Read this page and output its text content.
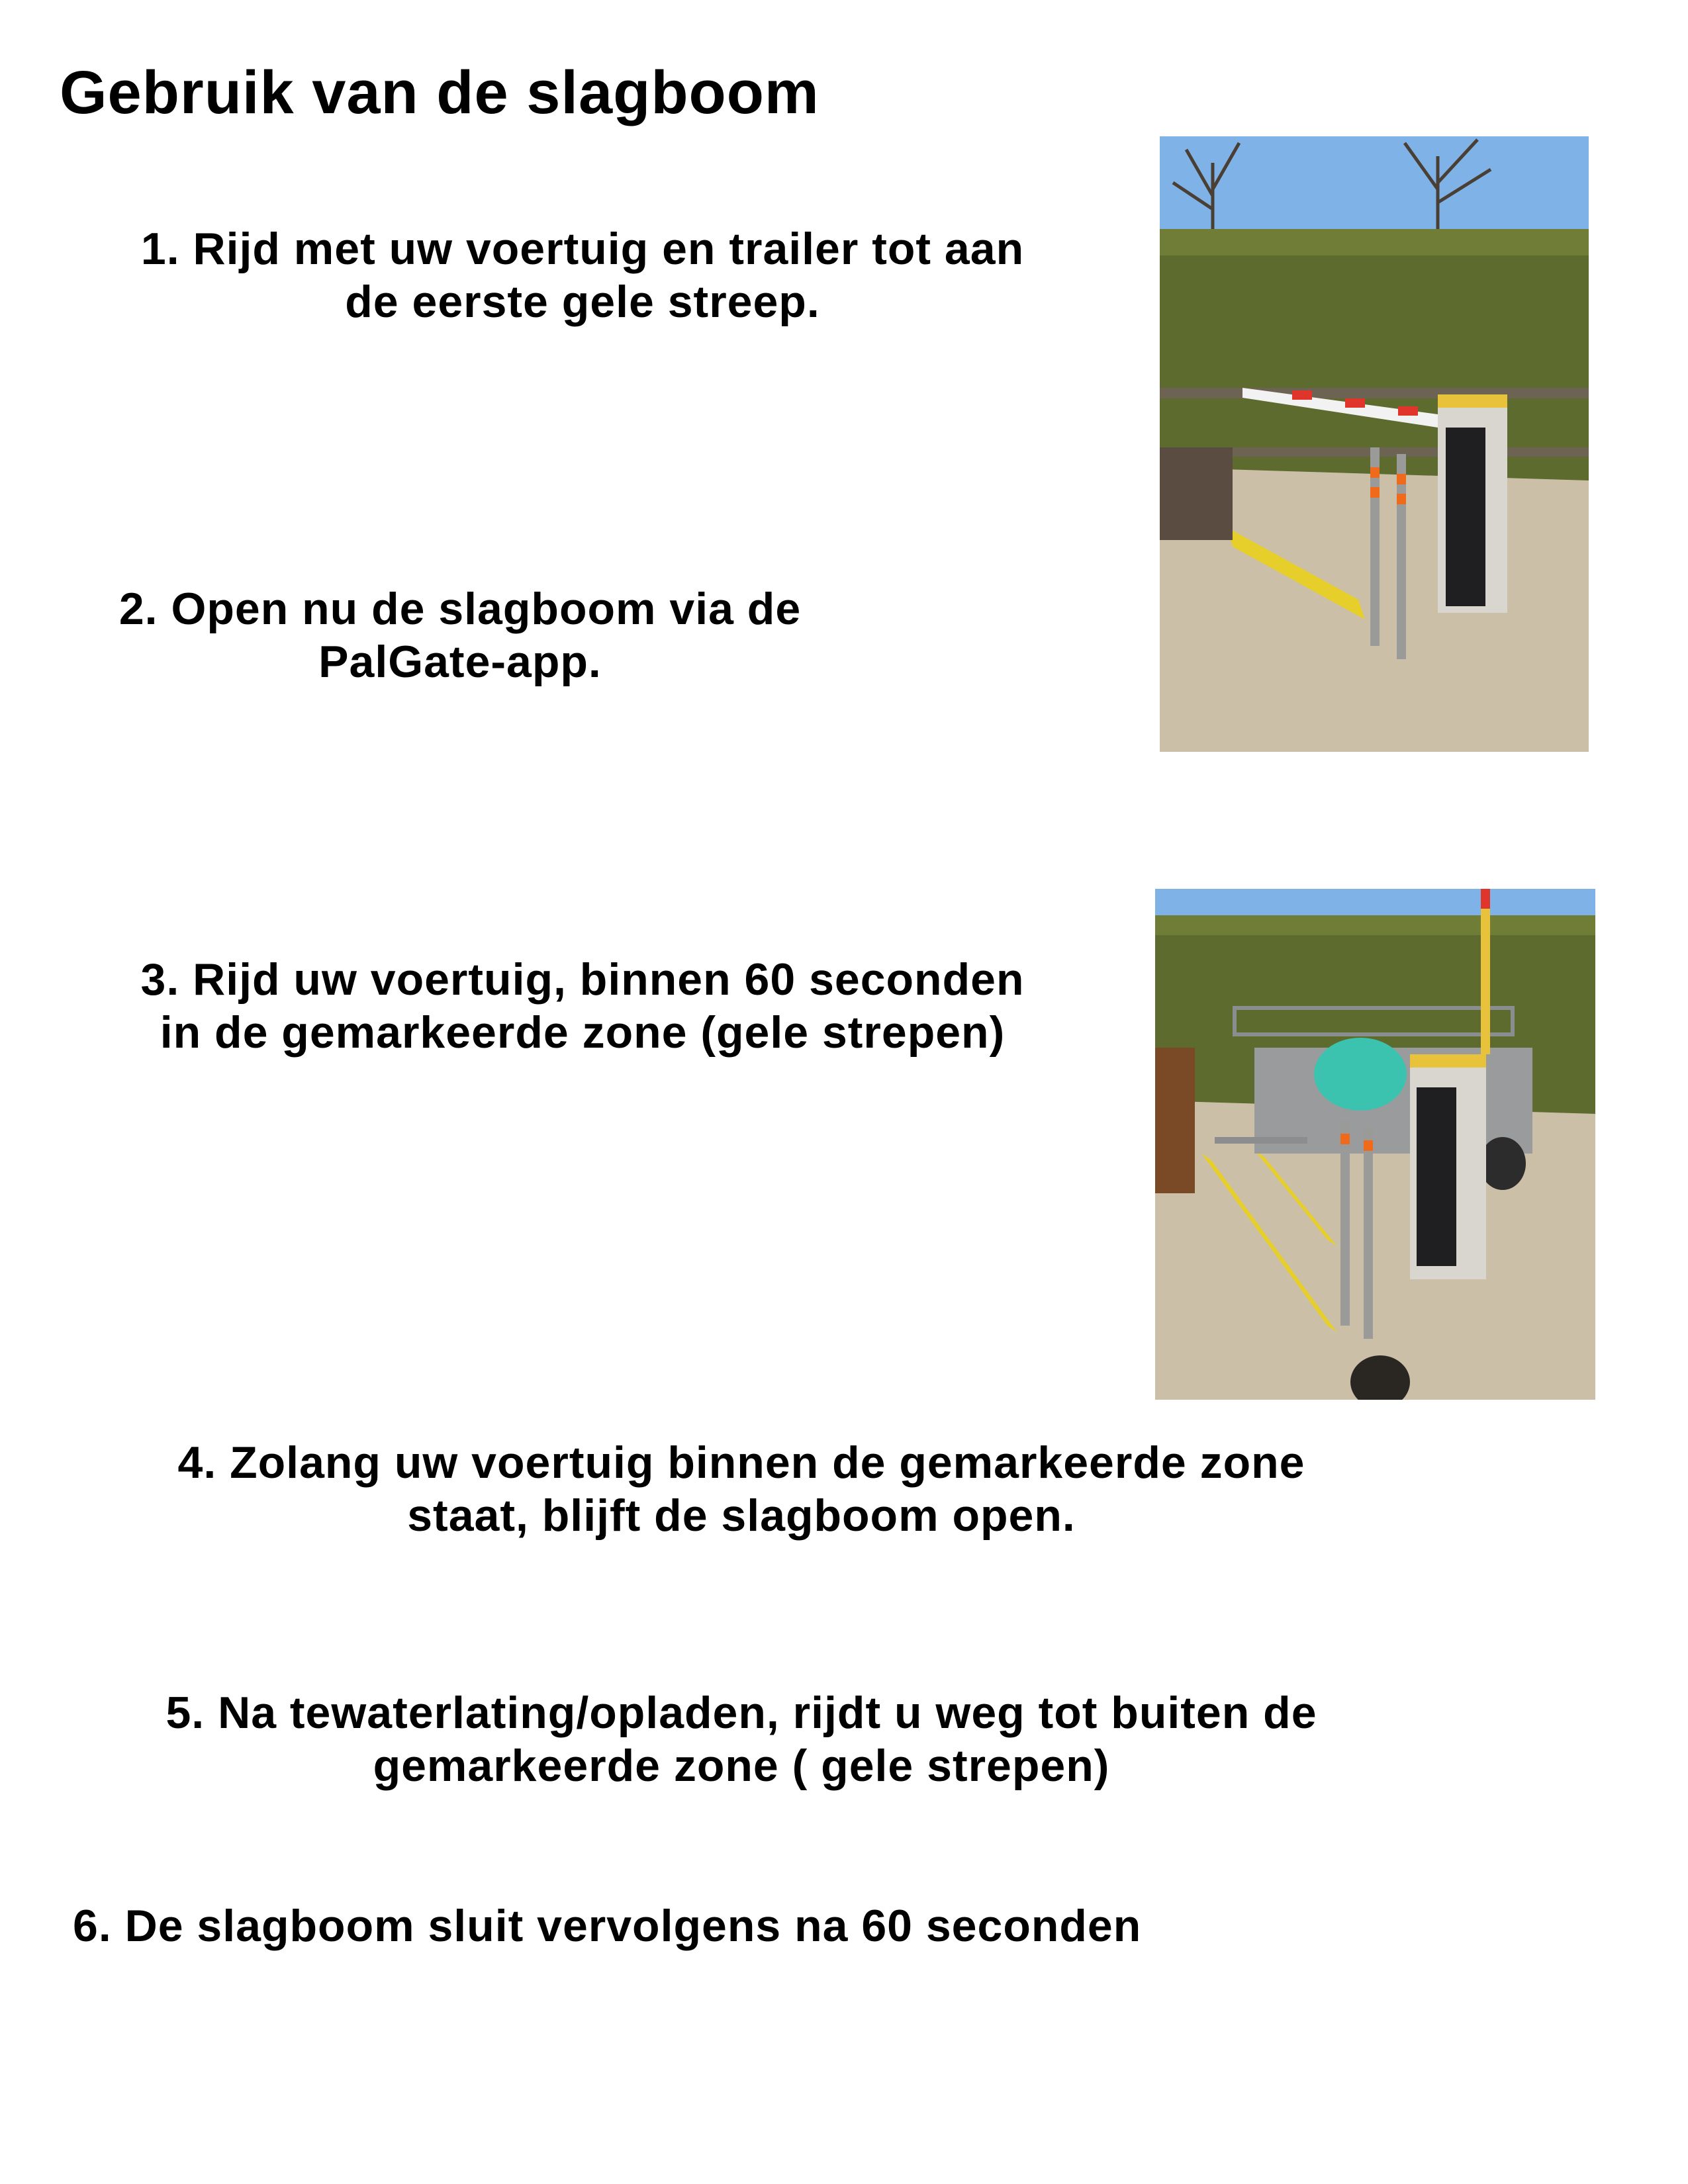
Gebruik van de slagboom
1. Rijd met uw voertuig en trailer tot aan
de eerste gele streep.
2. Open nu de slagboom via de
PalGate-app.
3. Rijd uw voertuig, binnen 60 seconden
in de gemarkeerde zone (gele strepen)
4. Zolang uw voertuig binnen de gemarkeerde zone
staat, blijft de slagboom open.
5. Na tewaterlating/opladen, rijdt u weg tot buiten de
gemarkeerde zone ( gele strepen)
6. De slagboom sluit vervolgens na 60 seconden
